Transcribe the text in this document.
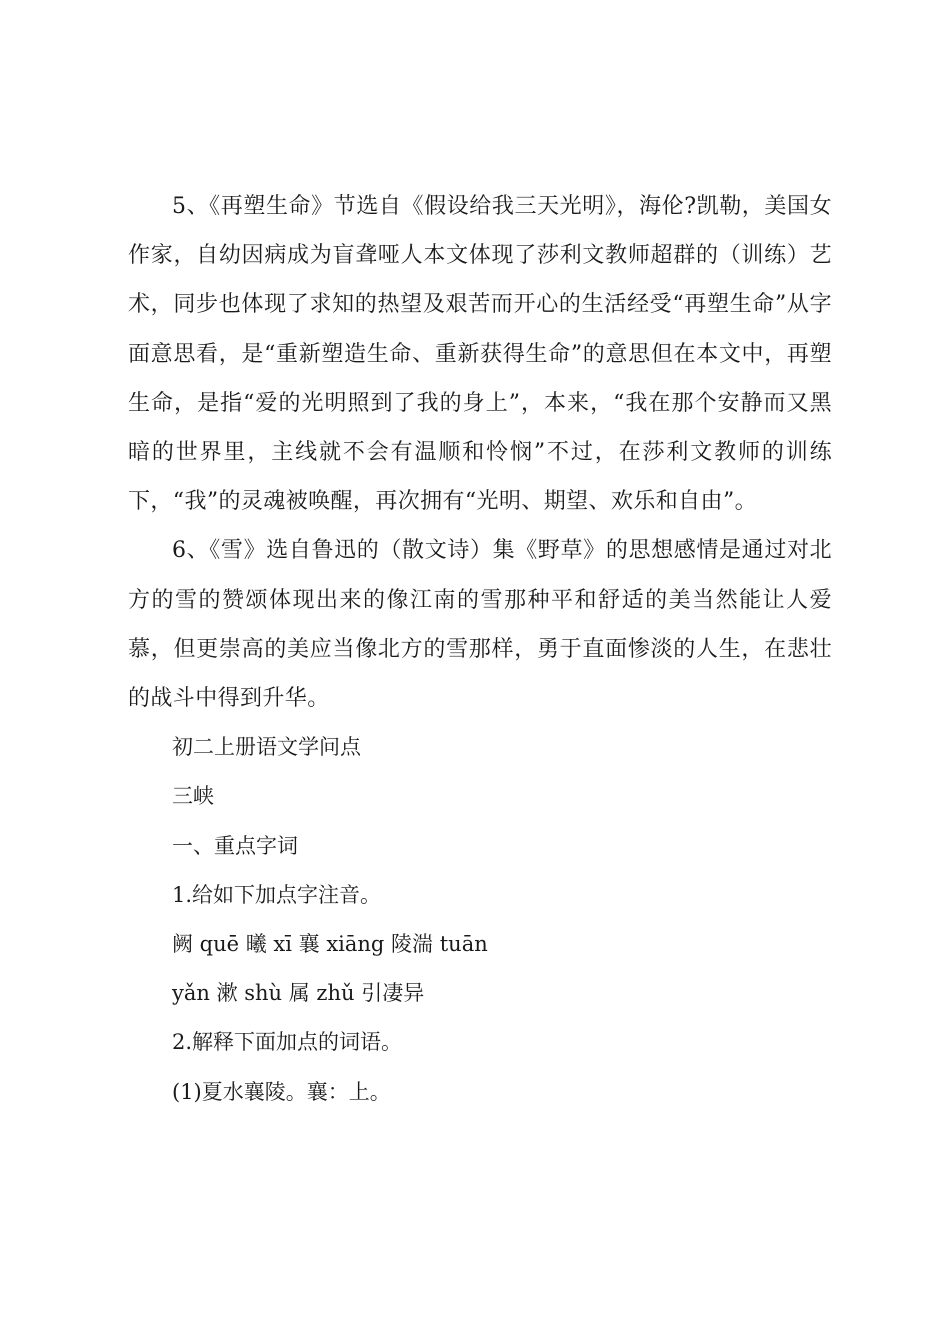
5、《再塑生命》节选自《假设给我三天光明》，海伦?凯勒，美国女作家，自幼因病成为盲聋哑人本文体现了莎利文教师超群的（训练）艺术，同步也体现了求知的热望及艰苦而开心的生活经受“再塑生命”从字面意思看，是“重新塑造生命、重新获得生命”的意思但在本文中，再塑生命，是指“爱的光明照到了我的身上”，本来，“我在那个安静而又黑暗的世界里，主线就不会有温顺和怜悯”不过，在莎利文教师的训练下，“我”的灵魂被唤醒，再次拥有“光明、期望、欢乐和自由”。

6、《雪》选自鲁迅的（散文诗）集《野草》的思想感情是通过对北方的雪的赞颂体现出来的像江南的雪那种平和舒适的美当然能让人爱慕，但更崇高的美应当像北方的雪那样，勇于直面惨淡的人生，在悲壮的战斗中得到升华。

初二上册语文学问点

三峡

一、重点字词

1.给如下加点字注音。

阙 quē 曦 xī 襄 xiāng 陵湍 tuān

yǎn 漱 shù 属 zhǔ 引凄异

2.解释下面加点的词语。

(1)夏水襄陵。襄：上。
